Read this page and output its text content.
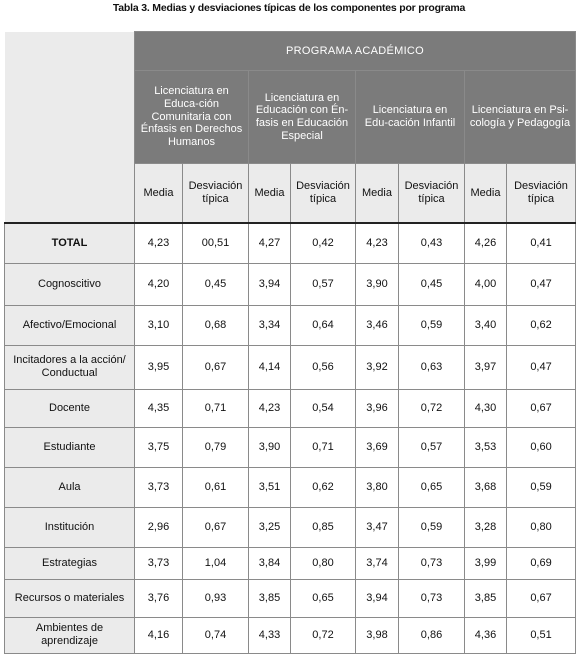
Tabla 3. Medias y desviaciones típicas de los componentes por programa
	PROGRAMA ACADÉMICO							
	Licenciatura en Educa-ción Comunitaria con Énfasis en Derechos Humanos		Licenciatura en Educación con Én-fasis en Educación Especial		Licenciatura en Edu-cación Infantil		Licenciatura en Psi-cología y Pedagogía	
	Media	Desviación típica	Media	Desviación típica	Media	Desviación típica	Media	Desviación típica
TOTAL	4,23	00,51	4,27	0,42	4,23	0,43	4,26	0,41
Cognoscitivo	4,20	0,45	3,94	0,57	3,90	0,45	4,00	0,47
Afectivo/Emocional	3,10	0,68	3,34	0,64	3,46	0,59	3,40	0,62
Incitadores a la acción/ Conductual	3,95	0,67	4,14	0,56	3,92	0,63	3,97	0,47
Docente	4,35	0,71	4,23	0,54	3,96	0,72	4,30	0,67
Estudiante	3,75	0,79	3,90	0,71	3,69	0,57	3,53	0,60
Aula	3,73	0,61	3,51	0,62	3,80	0,65	3,68	0,59
Institución	2,96	0,67	3,25	0,85	3,47	0,59	3,28	0,80
Estrategias	3,73	1,04	3,84	0,80	3,74	0,73	3,99	0,69
Recursos o materiales	3,76	0,93	3,85	0,65	3,94	0,73	3,85	0,67
Ambientes de aprendizaje	4,16	0,74	4,33	0,72	3,98	0,86	4,36	0,51
